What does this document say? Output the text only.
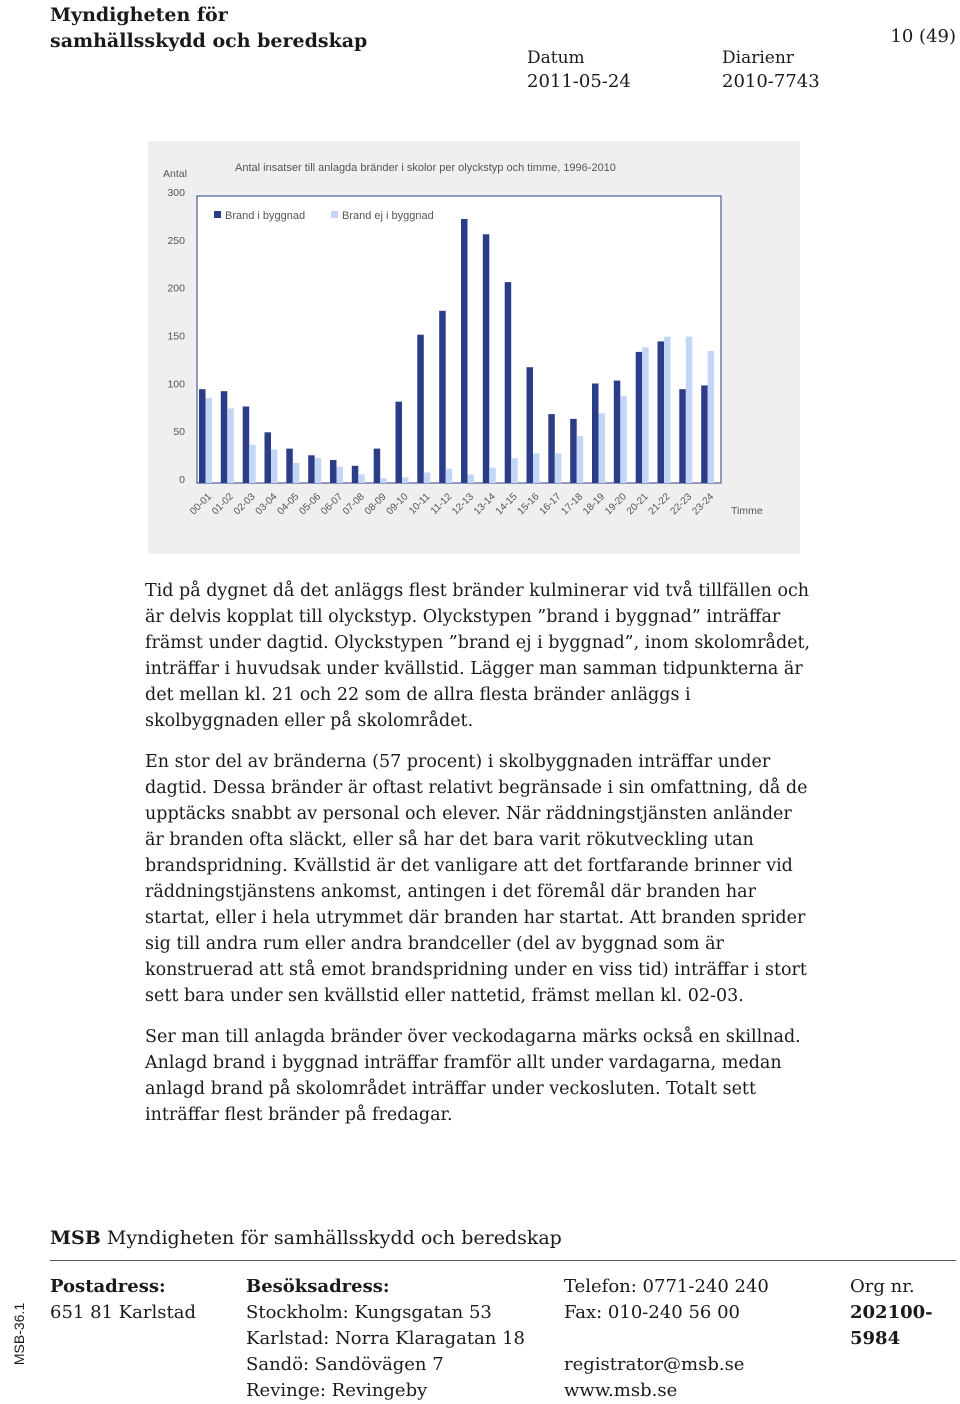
Myndigheten för
samhällsskydd och beredskap	10 (49)
Datum
2011-05-24
Diarienr
2010-7743
Antal	Antal insatser till anlagda bränder i skolor per olyckstyp och timme, 1996-2010
Brand i byggnad	Brand ej i byggnad
0
50
100
150
200
250
300
00-01
01-02
02-03
03-04
04-05
05-06
06-07
07-08
08-09
09-10
10-11
11-12
12-13
13-14
14-15
15-16
16-17
17-18
18-19
19-20
20-21
21-22
22-23
23-24 Timme

Tid på dygnet då det anläggs flest bränder kulminerar vid två tillfällen och är delvis kopplat till olyckstyp. Olyckstypen ”brand i byggnad” inträffar främst under dagtid. Olyckstypen ”brand ej i byggnad”, inom skolområdet, inträffar i huvudsak under kvällstid. Lägger man samman tidpunkterna är det mellan kl. 21 och 22 som de allra flesta bränder anläggs i skolbyggnaden eller på skolområdet.

En stor del av bränderna (57 procent) i skolbyggnaden inträffar under dagtid. Dessa bränder är oftast relativt begränsade i sin omfattning, då de upptäcks snabbt av personal och elever. När räddningstjänsten anländer är branden ofta släckt, eller så har det bara varit rökutveckling utan brandspridning. Kvällstid är det vanligare att det fortfarande brinner vid räddningstjänstens ankomst, antingen i det föremål där branden har startat, eller i hela utrymmet där branden har startat. Att branden sprider sig till andra rum eller andra brandceller (del av byggnad som är konstruerad att stå emot brandspridning under en viss tid) inträffar i stort sett bara under sen kvällstid eller nattetid, främst mellan kl. 02-03.

Ser man till anlagda bränder över veckodagarna märks också en skillnad. Anlagd brand i byggnad inträffar framför allt under vardagarna, medan anlagd brand på skolområdet inträffar under veckosluten. Totalt sett inträffar flest bränder på fredagar.

MSB Myndigheten för samhällsskydd och beredskap
Postadress:
651 81 Karlstad
Besöksadress:
Stockholm: Kungsgatan 53
Karlstad: Norra Klaragatan 18
Sandö: Sandövägen 7
Revinge: Revingeby
Telefon: 0771-240 240
Fax: 010-240 56 00

registrator@msb.se
www.msb.se
Org nr.
202100-
5984
MSB-36.1
